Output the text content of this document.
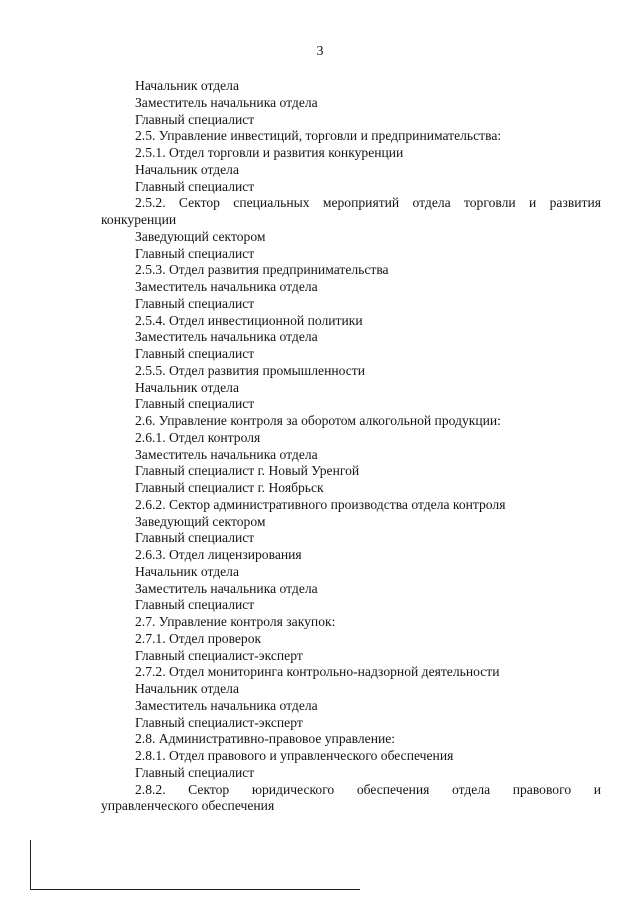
3
Начальник отдела
Заместитель начальника отдела
Главный специалист
2.5. Управление инвестиций, торговли и предпринимательства:
2.5.1. Отдел торговли и развития конкуренции
Начальник отдела
Главный специалист
2.5.2. Сектор специальных мероприятий отдела торговли и развития
конкуренции
Заведующий сектором
Главный специалист
2.5.3. Отдел развития предпринимательства
Заместитель начальника отдела
Главный специалист
2.5.4. Отдел инвестиционной политики
Заместитель начальника отдела
Главный специалист
2.5.5. Отдел развития промышленности
Начальник отдела
Главный специалист
2.6. Управление контроля за оборотом алкогольной продукции:
2.6.1. Отдел контроля
Заместитель начальника отдела
Главный специалист г. Новый Уренгой
Главный специалист г. Ноябрьск
2.6.2. Сектор административного производства отдела контроля
Заведующий сектором
Главный специалист
2.6.3. Отдел лицензирования
Начальник отдела
Заместитель начальника отдела
Главный специалист
2.7. Управление контроля закупок:
2.7.1. Отдел проверок
Главный специалист-эксперт
2.7.2. Отдел мониторинга контрольно-надзорной деятельности
Начальник отдела
Заместитель начальника отдела
Главный специалист-эксперт
2.8. Административно-правовое управление:
2.8.1. Отдел правового и управленческого обеспечения
Главный специалист
2.8.2. Сектор юридического обеспечения отдела правового и
управленческого обеспечения
